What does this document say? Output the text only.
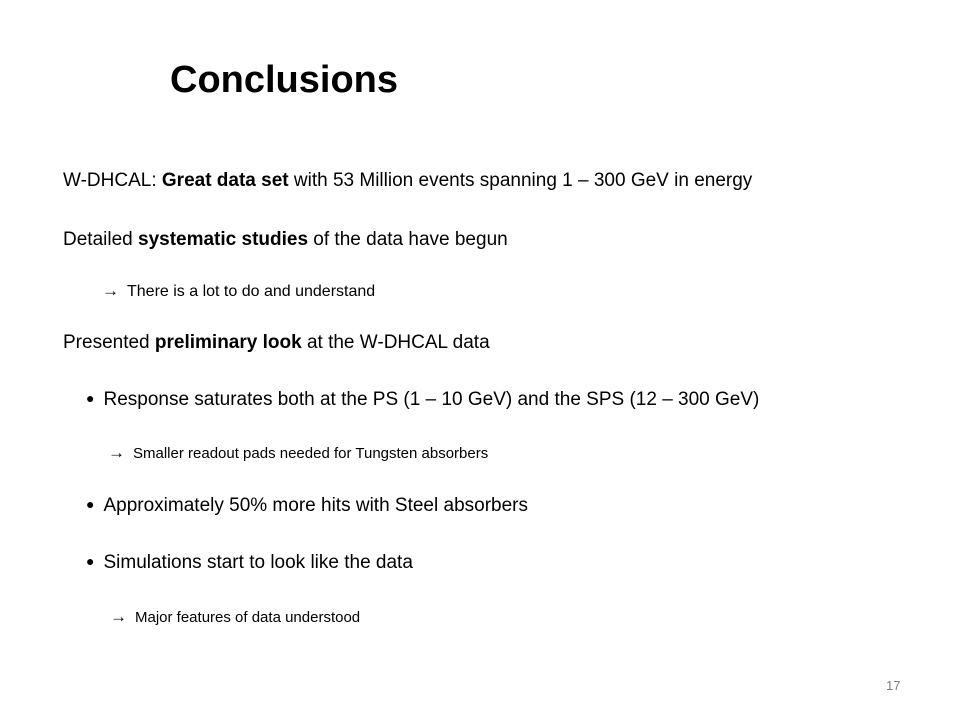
Conclusions
W-DHCAL: Great data set with 53 Million events spanning 1 – 300 GeV in energy
Detailed systematic studies of the data have begun
→ There is a lot to do and understand
Presented preliminary look at the W-DHCAL data
● Response saturates both at the PS (1 – 10 GeV) and the SPS (12 – 300 GeV)
→ Smaller readout pads needed for Tungsten absorbers
● Approximately 50% more hits with Steel absorbers
● Simulations start to look like the data
→ Major features of data understood
17
